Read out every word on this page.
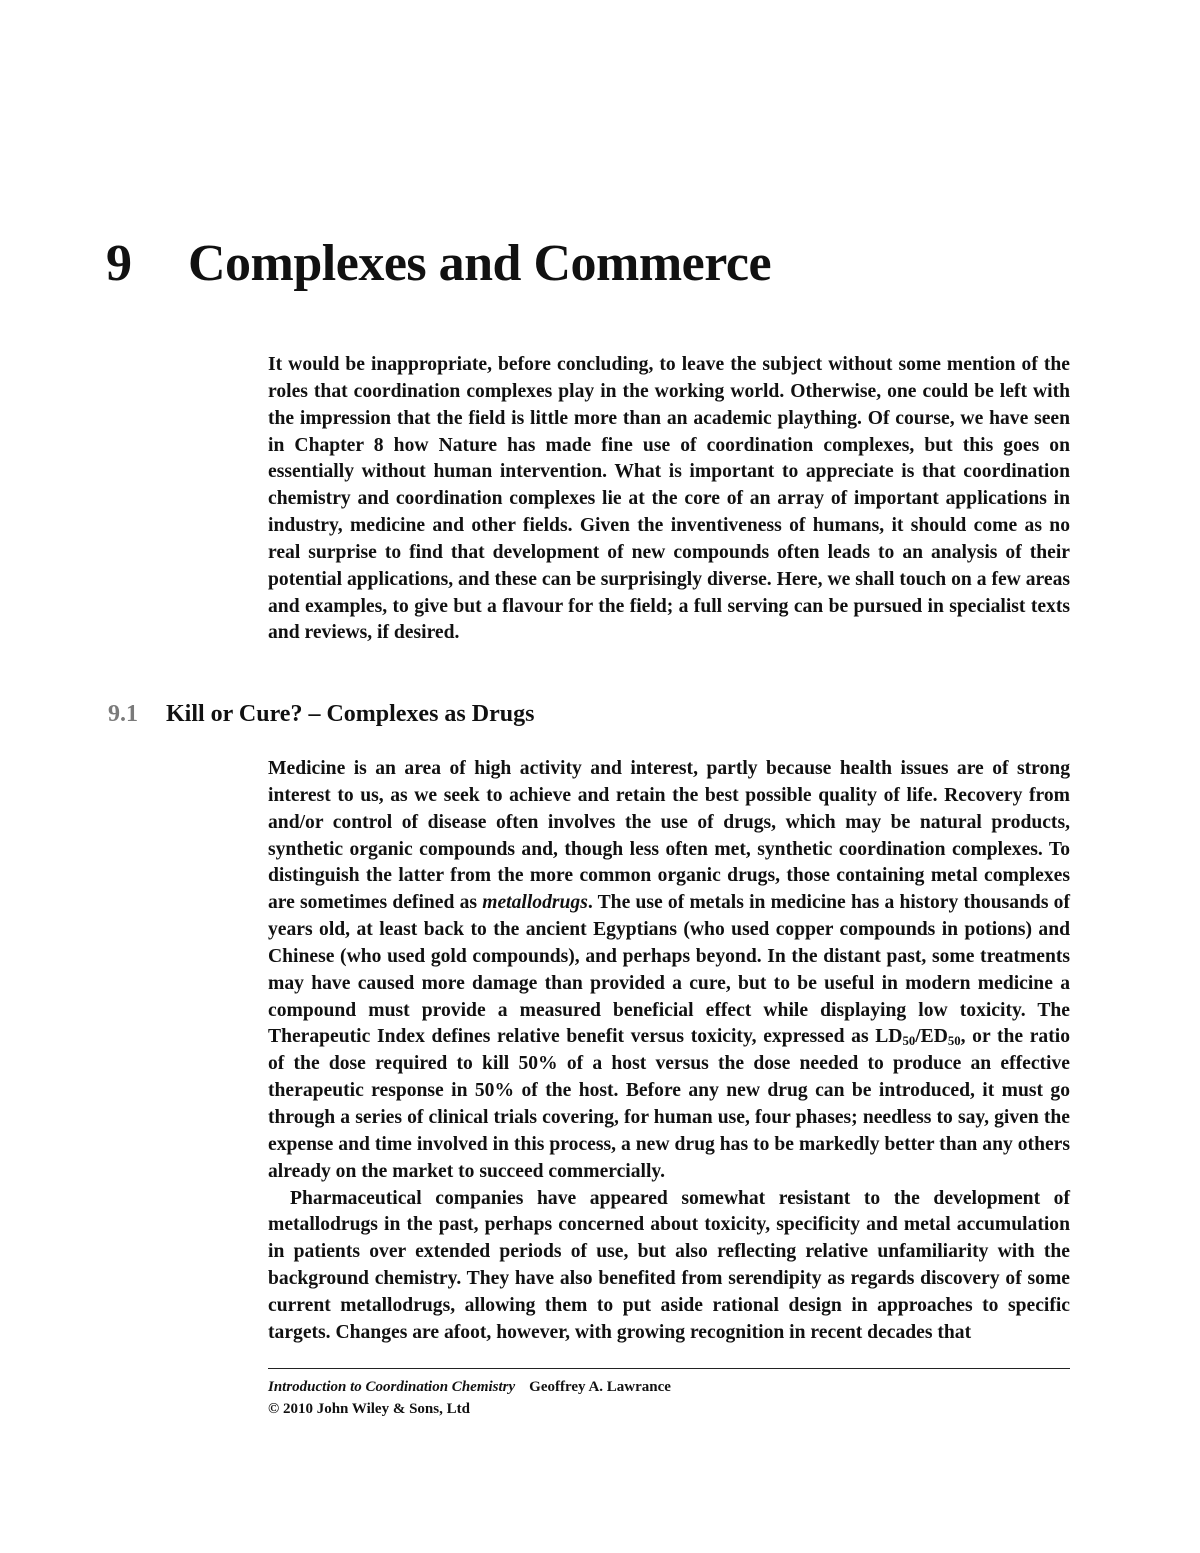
9 Complexes and Commerce

It would be inappropriate, before concluding, to leave the subject without some mention of the roles that coordination complexes play in the working world. Otherwise, one could be left with the impression that the field is little more than an academic plaything. Of course, we have seen in Chapter 8 how Nature has made fine use of coordination complexes, but this goes on essentially without human intervention. What is important to appreciate is that coordination chemistry and coordination complexes lie at the core of an array of important applications in industry, medicine and other fields. Given the inventiveness of humans, it should come as no real surprise to find that development of new compounds often leads to an analysis of their potential applications, and these can be surprisingly diverse. Here, we shall touch on a few areas and examples, to give but a flavour for the field; a full serving can be pursued in specialist texts and reviews, if desired.

9.1 Kill or Cure? – Complexes as Drugs

Medicine is an area of high activity and interest, partly because health issues are of strong interest to us, as we seek to achieve and retain the best possible quality of life. Recovery from and/or control of disease often involves the use of drugs, which may be natural products, synthetic organic compounds and, though less often met, synthetic coordination complexes. To distinguish the latter from the more common organic drugs, those containing metal complexes are sometimes defined as metallodrugs. The use of metals in medicine has a history thousands of years old, at least back to the ancient Egyptians (who used copper compounds in potions) and Chinese (who used gold compounds), and perhaps beyond. In the distant past, some treatments may have caused more damage than provided a cure, but to be useful in modern medicine a compound must provide a measured beneficial effect while displaying low toxicity. The Therapeutic Index defines relative benefit versus toxicity, expressed as $LD_{50}/ED_{50}$, or the ratio of the dose required to kill 50% of a host versus the dose needed to produce an effective therapeutic response in 50% of the host. Before any new drug can be introduced, it must go through a series of clinical trials covering, for human use, four phases; needless to say, given the expense and time involved in this process, a new drug has to be markedly better than any others already on the market to succeed commercially.

Pharmaceutical companies have appeared somewhat resistant to the development of metallodrugs in the past, perhaps concerned about toxicity, specificity and metal accumulation in patients over extended periods of use, but also reflecting relative unfamiliarity with the background chemistry. They have also benefited from serendipity as regards discovery of some current metallodrugs, allowing them to put aside rational design in approaches to specific targets. Changes are afoot, however, with growing recognition in recent decades that

Introduction to Coordination Chemistry Geoffrey A. Lawrance
© 2010 John Wiley & Sons, Ltd
